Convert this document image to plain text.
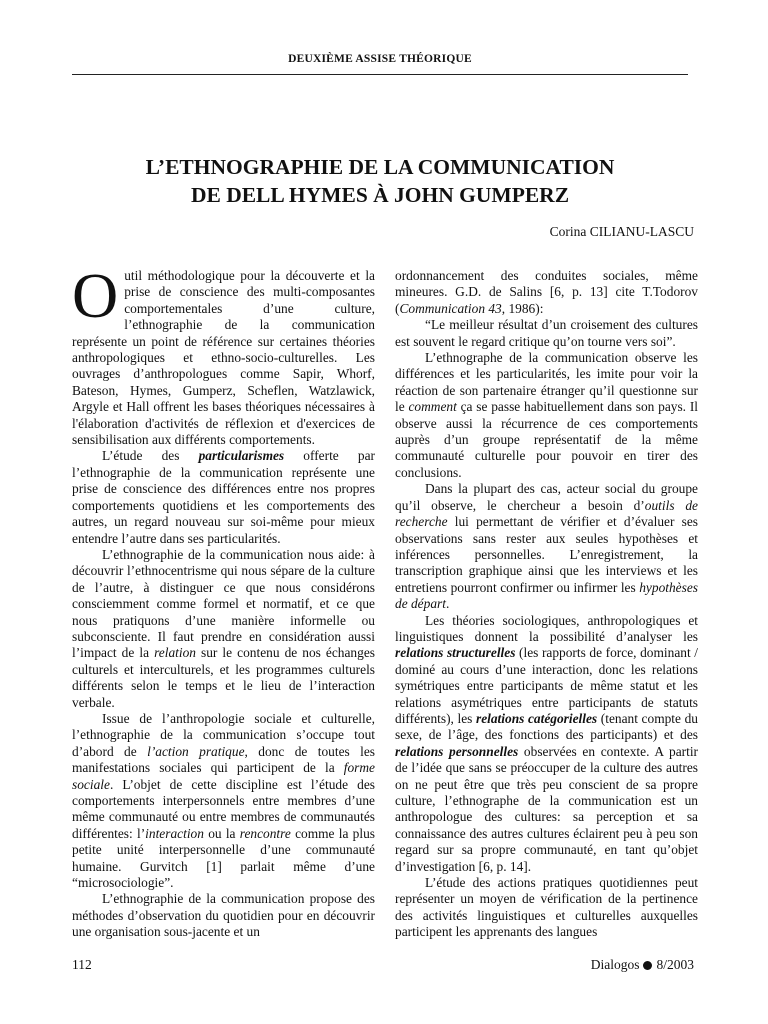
DEUXIÈME ASSISE THÉORIQUE
L’ETHNOGRAPHIE DE LA COMMUNICATION
DE DELL HYMES À JOHN GUMPERZ
Corina CILIANU-LASCU

Outil méthodologique pour la découverte et la prise de conscience des multi-composantes comportementales d’une culture, l’ethnographie de la communication représente un point de référence sur certaines théories anthropologiques et ethno-socio-culturelles. Les ouvrages d’anthropologues comme Sapir, Whorf, Bateson, Hymes, Gumperz, Scheflen, Watzlawick, Argyle et Hall offrent les bases théoriques nécessaires à l'élaboration d'activités de réflexion et d'exercices de sensibilisation aux différents comportements.

L’étude des particularismes offerte par l’ethnographie de la communication représente une prise de conscience des différences entre nos propres comportements quotidiens et les comportements des autres, un regard nouveau sur soi-même pour mieux entendre l’autre dans ses particularités.

L’ethnographie de la communication nous aide: à découvrir l’ethnocentrisme qui nous sépare de la culture de l’autre, à distinguer ce que nous considérons consciemment comme formel et normatif, et ce que nous pratiquons d’une manière informelle ou subconsciente. Il faut prendre en considération aussi l’impact de la relation sur le contenu de nos échanges culturels et interculturels, et les programmes culturels différents selon le temps et le lieu de l’interaction verbale.

Issue de l’anthropologie sociale et culturelle, l’ethnographie de la communication s’occupe tout d’abord de l’action pratique, donc de toutes les manifestations sociales qui participent de la forme sociale. L’objet de cette discipline est l’étude des comportements interpersonnels entre membres d’une même communauté ou entre membres de communautés différentes: l’interaction ou la rencontre comme la plus petite unité interpersonnelle d’une communauté humaine. Gurvitch [1] parlait même d’une “microsociologie”.

L’ethnographie de la communication propose des méthodes d’observation du quotidien pour en découvrir une organisation sous-jacente et un

ordonnancement des conduites sociales, même mineures. G.D. de Salins [6, p. 13] cite T.Todorov (Communication 43, 1986):

“Le meilleur résultat d’un croisement des cultures est souvent le regard critique qu’on tourne vers soi”.

L’ethnographe de la communication observe les différences et les particularités, les imite pour voir la réaction de son partenaire étranger qu’il questionne sur le comment ça se passe habituellement dans son pays. Il observe aussi la récurrence de ces comportements auprès d’un groupe représentatif de la même communauté culturelle pour pouvoir en tirer des conclusions.

Dans la plupart des cas, acteur social du groupe qu’il observe, le chercheur a besoin d’outils de recherche lui permettant de vérifier et d’évaluer ses observations sans rester aux seules hypothèses et inférences personnelles. L’enregistrement, la transcription graphique ainsi que les interviews et les entretiens pourront confirmer ou infirmer les hypothèses de départ.

Les théories sociologiques, anthropologiques et linguistiques donnent la possibilité d’analyser les relations structurelles (les rapports de force, dominant / dominé au cours d’une interaction, donc les relations symétriques entre participants de même statut et les relations asymétriques entre participants de statuts différents), les relations catégorielles (tenant compte du sexe, de l’âge, des fonctions des participants) et des relations personnelles observées en contexte. A partir de l’idée que sans se préoccuper de la culture des autres on ne peut être que très peu conscient de sa propre culture, l’ethnographe de la communication est un anthropologue des cultures: sa perception et sa connaissance des autres cultures éclairent peu à peu son regard sur sa propre communauté, en tant qu’objet d’investigation [6, p. 14].

L’étude des actions pratiques quotidiennes peut représenter un moyen de vérification de la pertinence des activités linguistiques et culturelles auxquelles participent les apprenants des langues

112	Dialogos 8/2003
